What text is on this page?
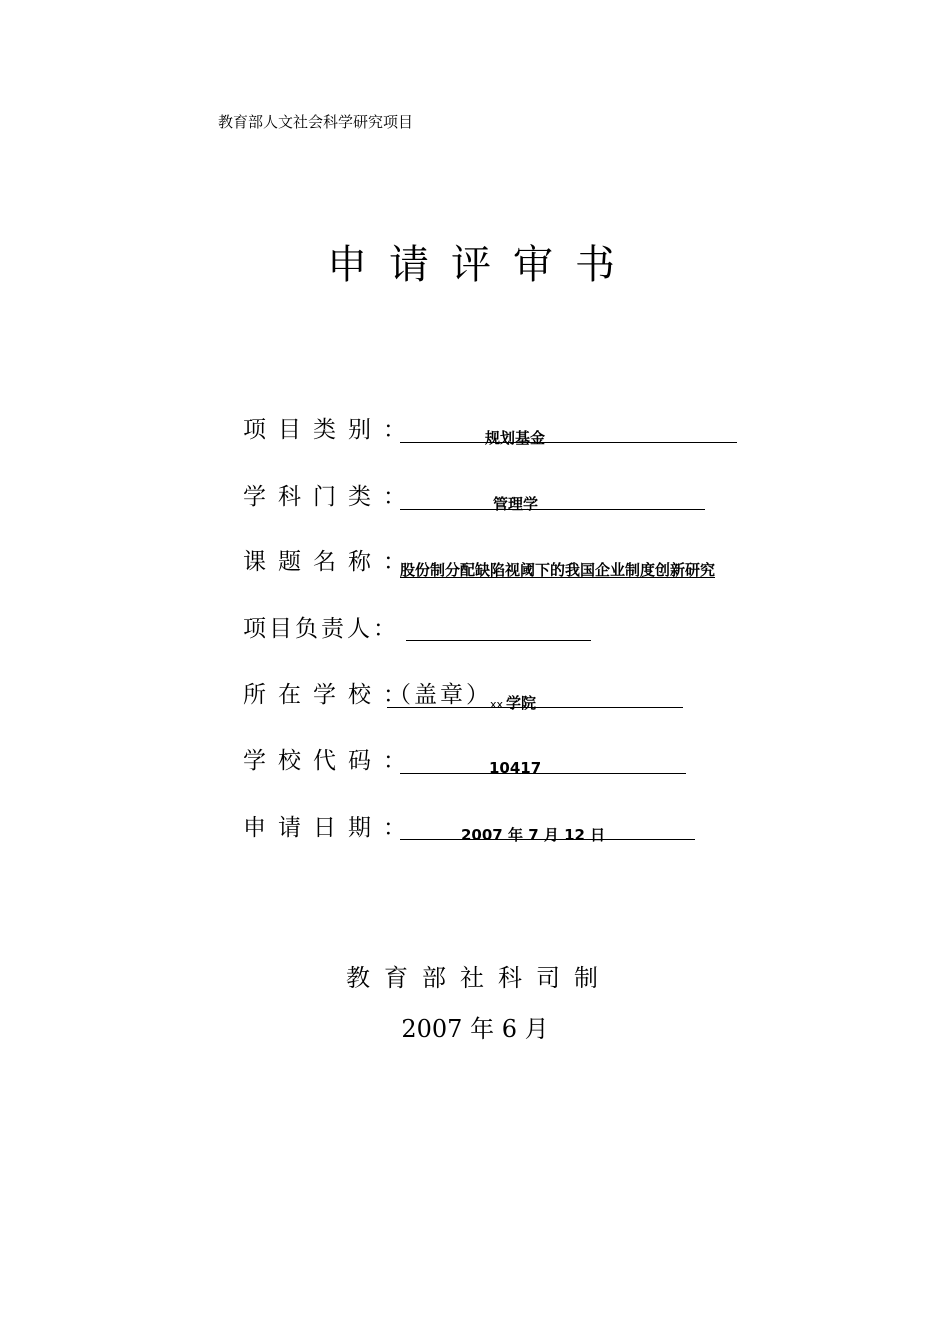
教育部人文社会科学研究项目
申请评审书
项目类别：	规划基金
学科门类：	管理学
课题名称：
股份制分配缺陷视阈下的我国企业制度创新研究
项目负责人：
所在学校：
（盖章）
xx 学院
学校代码：	10417
申请日期：	2007 年 7 月 12 日
教育部社科司制
2007 年 6 月
